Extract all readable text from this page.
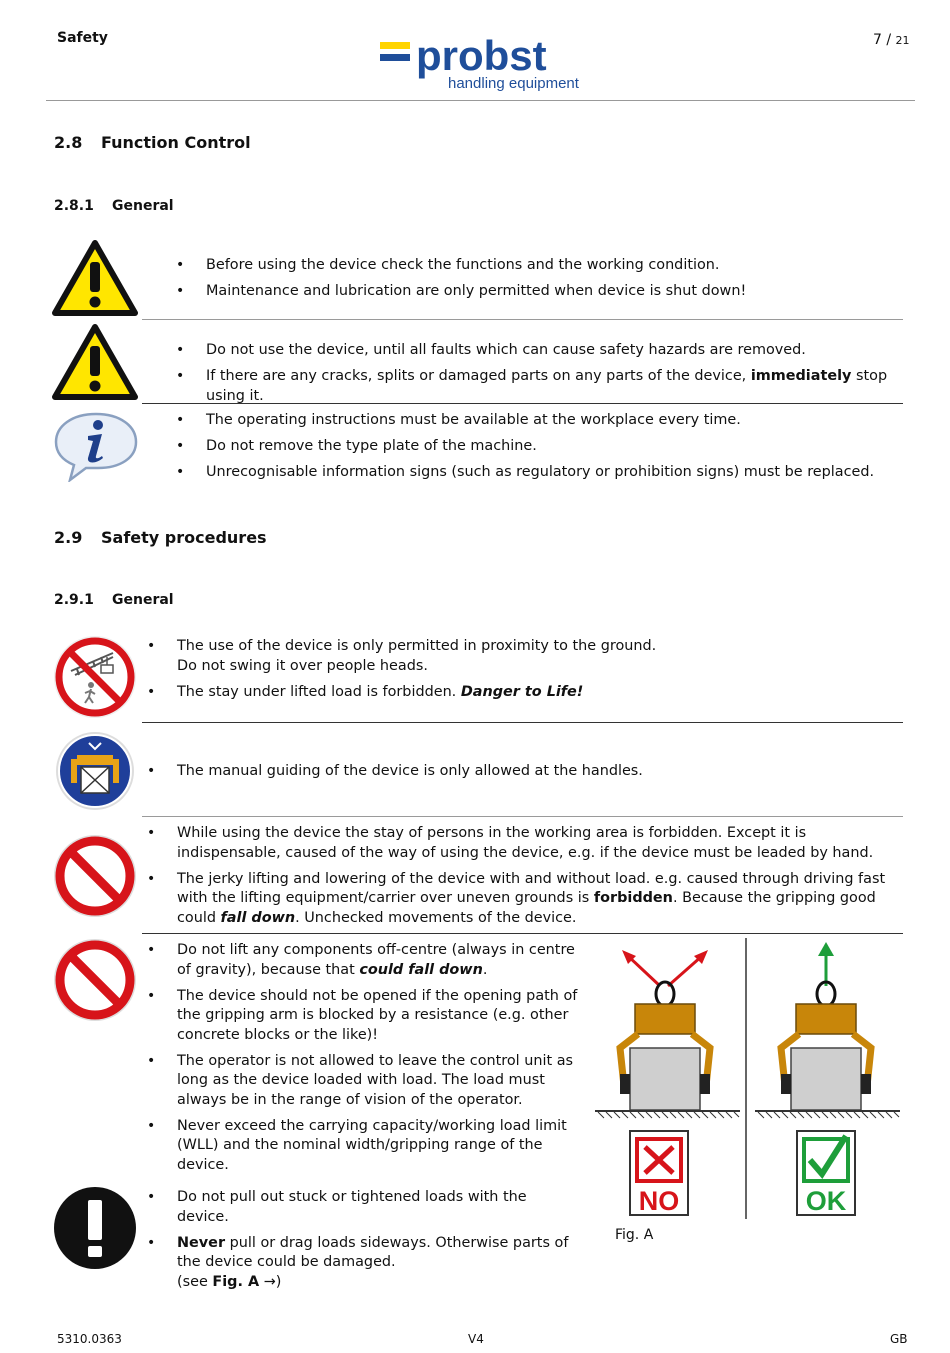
Safety	probst
handling equipment
7 / 21
2.8 Function Control
2.8.1 General
• Before using the device check the functions and the working condition.
• Maintenance and lubrication are only permitted when device is shut down!
• Do not use the device, until all faults which can cause safety hazards are removed.
• If there are any cracks, splits or damaged parts on any parts of the device, immediately stop using it.
• The operating instructions must be available at the workplace every time.
• Do not remove the type plate of the machine.
• Unrecognisable information signs (such as regulatory or prohibition signs) must be replaced.
2.9 Safety procedures
2.9.1 General
• The use of the device is only permitted in proximity to the ground.
Do not swing it over people heads.
• The stay under lifted load is forbidden. Danger to Life!
• The manual guiding of the device is only allowed at the handles.
• While using the device the stay of persons in the working area is forbidden. Except it is indispensable, caused of the way of using the device, e.g. if the device must be leaded by hand.
• The jerky lifting and lowering of the device with and without load. e.g. caused through driving fast with the lifting equipment/carrier over uneven grounds is forbidden. Because the gripping good could fall down. Unchecked movements of the device.
• Do not lift any components off-centre (always in centre of gravity), because that could fall down.
• The device should not be opened if the opening path of the gripping arm is blocked by a resistance (e.g. other concrete blocks or the like)!
• The operator is not allowed to leave the control unit as long as the device loaded with load. The load must always be in the range of vision of the operator.
• Never exceed the carrying capacity/working load limit (WLL) and the nominal width/gripping range of the device.
• Do not pull out stuck or tightened loads with the device.
• Never pull or drag loads sideways. Otherwise parts of the device could be damaged.
(see Fig. A →)
NO	OK
Fig. A
5310.0363	V4	GB
